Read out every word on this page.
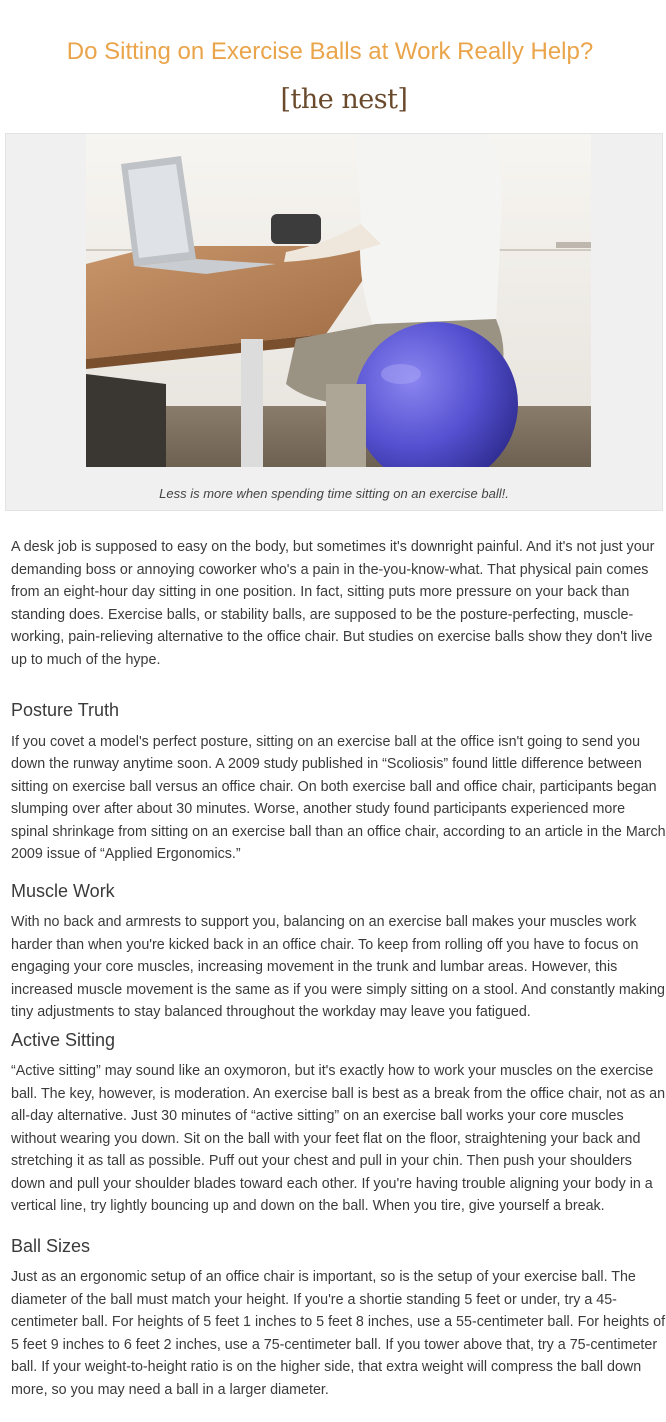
Do Sitting on Exercise Balls at Work Really Help?
[the nest]
Less is more when spending time sitting on an exercise ball!.

A desk job is supposed to easy on the body, but sometimes it's downright painful. And it's not just your demanding boss or annoying coworker who's a pain in the-you-know-what. That physical pain comes from an eight-hour day sitting in one position. In fact, sitting puts more pressure on your back than standing does. Exercise balls, or stability balls, are supposed to be the posture-perfecting, muscle-working, pain-relieving alternative to the office chair. But studies on exercise balls show they don't live up to much of the hype.

Posture Truth

If you covet a model's perfect posture, sitting on an exercise ball at the office isn't going to send you down the runway anytime soon. A 2009 study published in “Scoliosis” found little difference between sitting on exercise ball versus an office chair. On both exercise ball and office chair, participants began slumping over after about 30 minutes. Worse, another study found participants experienced more spinal shrinkage from sitting on an exercise ball than an office chair, according to an article in the March 2009 issue of “Applied Ergonomics.”

Muscle Work

With no back and armrests to support you, balancing on an exercise ball makes your muscles work harder than when you're kicked back in an office chair. To keep from rolling off you have to focus on engaging your core muscles, increasing movement in the trunk and lumbar areas. However, this increased muscle movement is the same as if you were simply sitting on a stool. And constantly making tiny adjustments to stay balanced throughout the workday may leave you fatigued.

Active Sitting

“Active sitting” may sound like an oxymoron, but it's exactly how to work your muscles on the exercise ball. The key, however, is moderation. An exercise ball is best as a break from the office chair, not as an all-day alternative. Just 30 minutes of “active sitting” on an exercise ball works your core muscles without wearing you down. Sit on the ball with your feet flat on the floor, straightening your back and stretching it as tall as possible. Puff out your chest and pull in your chin. Then push your shoulders down and pull your shoulder blades toward each other. If you're having trouble aligning your body in a vertical line, try lightly bouncing up and down on the ball. When you tire, give yourself a break.

Ball Sizes

Just as an ergonomic setup of an office chair is important, so is the setup of your exercise ball. The diameter of the ball must match your height. If you're a shortie standing 5 feet or under, try a 45-centimeter ball. For heights of 5 feet 1 inches to 5 feet 8 inches, use a 55-centimeter ball. For heights of 5 feet 9 inches to 6 feet 2 inches, use a 75-centimeter ball. If you tower above that, try a 75-centimeter ball. If your weight-to-height ratio is on the higher side, that extra weight will compress the ball down more, so you may need a ball in a larger diameter.
